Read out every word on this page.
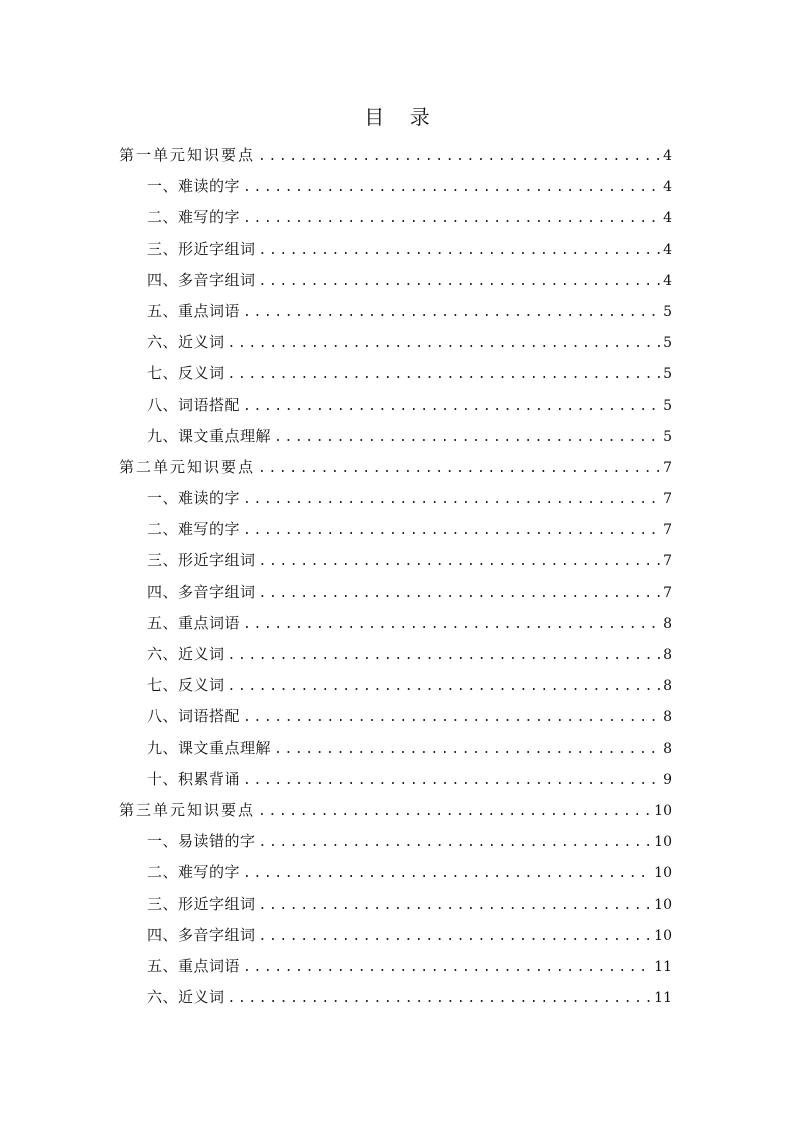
目    录
第一单元知识要点 .....	4
一、难读的字 .....	4
二、难写的字 .....	4
三、形近字组词 .....	4
四、多音字组词 .....	4
五、重点词语 .....	5
六、近义词 .....	5
七、反义词 .....	5
八、词语搭配 .....	5
九、课文重点理解 .....	5
第二单元知识要点 .....	7
一、难读的字 .....	7
二、难写的字 .....	7
三、形近字组词 .....	7
四、多音字组词 .....	7
五、重点词语 .....	8
六、近义词 .....	8
七、反义词 .....	8
八、词语搭配 .....	8
九、课文重点理解 .....	8
十、积累背诵 .....	9
第三单元知识要点 .....	10
一、易读错的字 .....	10
二、难写的字 .....	10
三、形近字组词 .....	10
四、多音字组词 .....	10
五、重点词语 .....	11
六、近义词 .....	11
